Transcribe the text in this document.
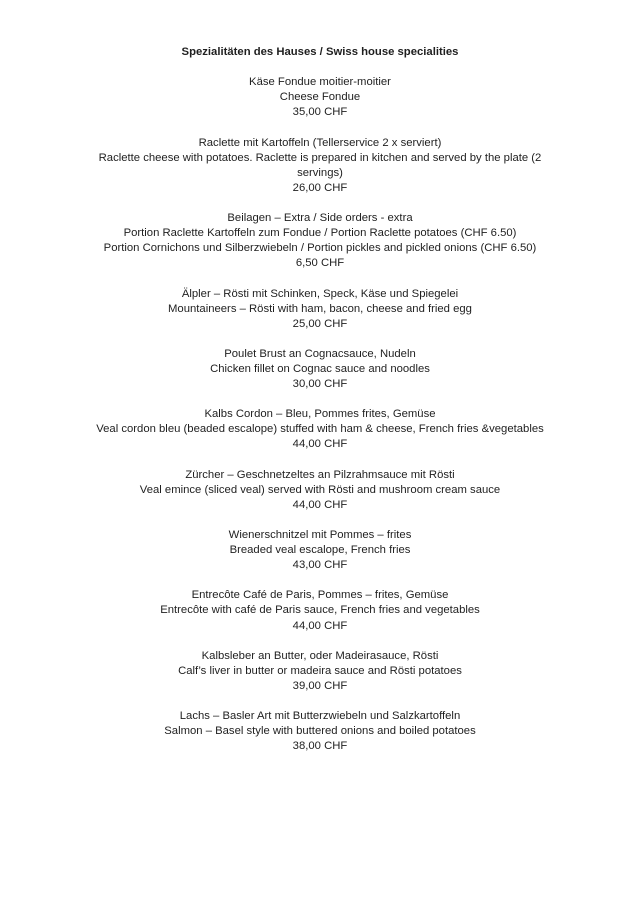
Spezialitäten des Hauses / Swiss house specialities
Käse Fondue moitier-moitier
Cheese Fondue
35,00 CHF
Raclette mit Kartoffeln (Tellerservice 2 x serviert)
Raclette cheese with potatoes. Raclette is prepared in kitchen and served by the plate (2 servings)
26,00 CHF
Beilagen – Extra / Side orders - extra
Portion Raclette Kartoffeln zum Fondue / Portion Raclette potatoes (CHF 6.50)
Portion Cornichons und Silberzwiebeln / Portion pickles and pickled onions (CHF 6.50)
6,50 CHF
Älpler – Rösti mit Schinken, Speck, Käse und Spiegelei
Mountaineers – Rösti with ham, bacon, cheese and fried egg
25,00 CHF
Poulet Brust an Cognacsauce, Nudeln
Chicken fillet on Cognac sauce and noodles
30,00 CHF
Kalbs Cordon – Bleu, Pommes frites, Gemüse
Veal cordon bleu (beaded escalope) stuffed with ham & cheese, French fries &vegetables
44,00 CHF
Zürcher – Geschnetzeltes an Pilzrahmsauce mit Rösti
Veal emince (sliced veal) served with Rösti and mushroom cream sauce
44,00 CHF
Wienerschnitzel mit Pommes – frites
Breaded veal escalope, French fries
43,00 CHF
Entrecôte Café de Paris, Pommes – frites, Gemüse
Entrecôte with café de Paris sauce, French fries and vegetables
44,00 CHF
Kalbsleber an Butter, oder Madeirasauce, Rösti
Calf’s liver in butter or madeira sauce and Rösti potatoes
39,00 CHF
Lachs – Basler Art mit Butterzwiebeln und Salzkartoffeln
Salmon – Basel style with buttered onions and boiled potatoes
38,00 CHF
